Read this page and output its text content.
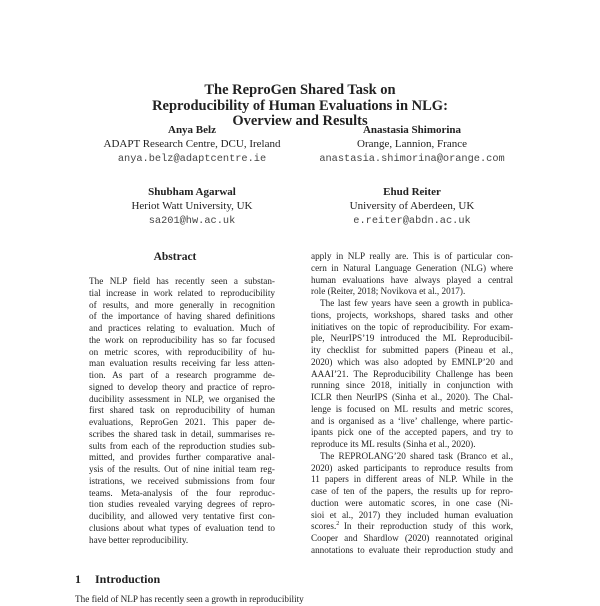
The ReproGen Shared Task on
Reproducibility of Human Evaluations in NLG:
Overview and Results
Anya Belz
ADAPT Research Centre, DCU, Ireland
anya.belz@adaptcentre.ie
Anastasia Shimorina
Orange, Lannion, France
anastasia.shimorina@orange.com
Shubham Agarwal
Heriot Watt University, UK
sa201@hw.ac.uk
Ehud Reiter
University of Aberdeen, UK
e.reiter@abdn.ac.uk
Abstract
The NLP field has recently seen a substan-
tial increase in work related to reproducibility
of results, and more generally in recognition
of the importance of having shared definitions
and practices relating to evaluation. Much of
the work on reproducibility has so far focused
on metric scores, with reproducibility of hu-
man evaluation results receiving far less atten-
tion. As part of a research programme de-
signed to develop theory and practice of repro-
ducibility assessment in NLP, we organised the
first shared task on reproducibility of human
evaluations, ReproGen 2021. This paper de-
scribes the shared task in detail, summarises re-
sults from each of the reproduction studies sub-
mitted, and provides further comparative anal-
ysis of the results. Out of nine initial team reg-
istrations, we received submissions from four
teams. Meta-analysis of the four reproduc-
tion studies revealed varying degrees of repro-
ducibility, and allowed very tentative first con-
clusions about what types of evaluation tend to
have better reproducibility.
1 Introduction
The field of NLP has recently seen a growth in reproducibility
apply in NLP really are. This is of particular con-
cern in Natural Language Generation (NLG) where
human evaluations have always played a central
role (Reiter, 2018; Novikova et al., 2017).
The last few years have seen a growth in publica-
tions, projects, workshops, shared tasks and other
initiatives on the topic of reproducibility. For exam-
ple, NeurIPS’19 introduced the ML Reproducibil-
ity checklist for submitted papers (Pineau et al.,
2020) which was also adopted by EMNLP’20 and
AAAI’21. The Reproducibility Challenge has been
running since 2018, initially in conjunction with
ICLR then NeurIPS (Sinha et al., 2020). The Chal-
lenge is focused on ML results and metric scores,
and is organised as a ‘live’ challenge, where partic-
ipants pick one of the accepted papers, and try to
reproduce its ML results (Sinha et al., 2020).
The REPROLANG’20 shared task (Branco et al.,
2020) asked participants to reproduce results from
11 papers in different areas of NLP. While in the
case of ten of the papers, the results up for repro-
duction were automatic scores, in one case (Ni-
sioi et al., 2017) they included human evaluation
scores.$^2$  In their reproduction study of this work,
Cooper and Shardlow (2020) reannotated original
annotations to evaluate their reproduction study and
